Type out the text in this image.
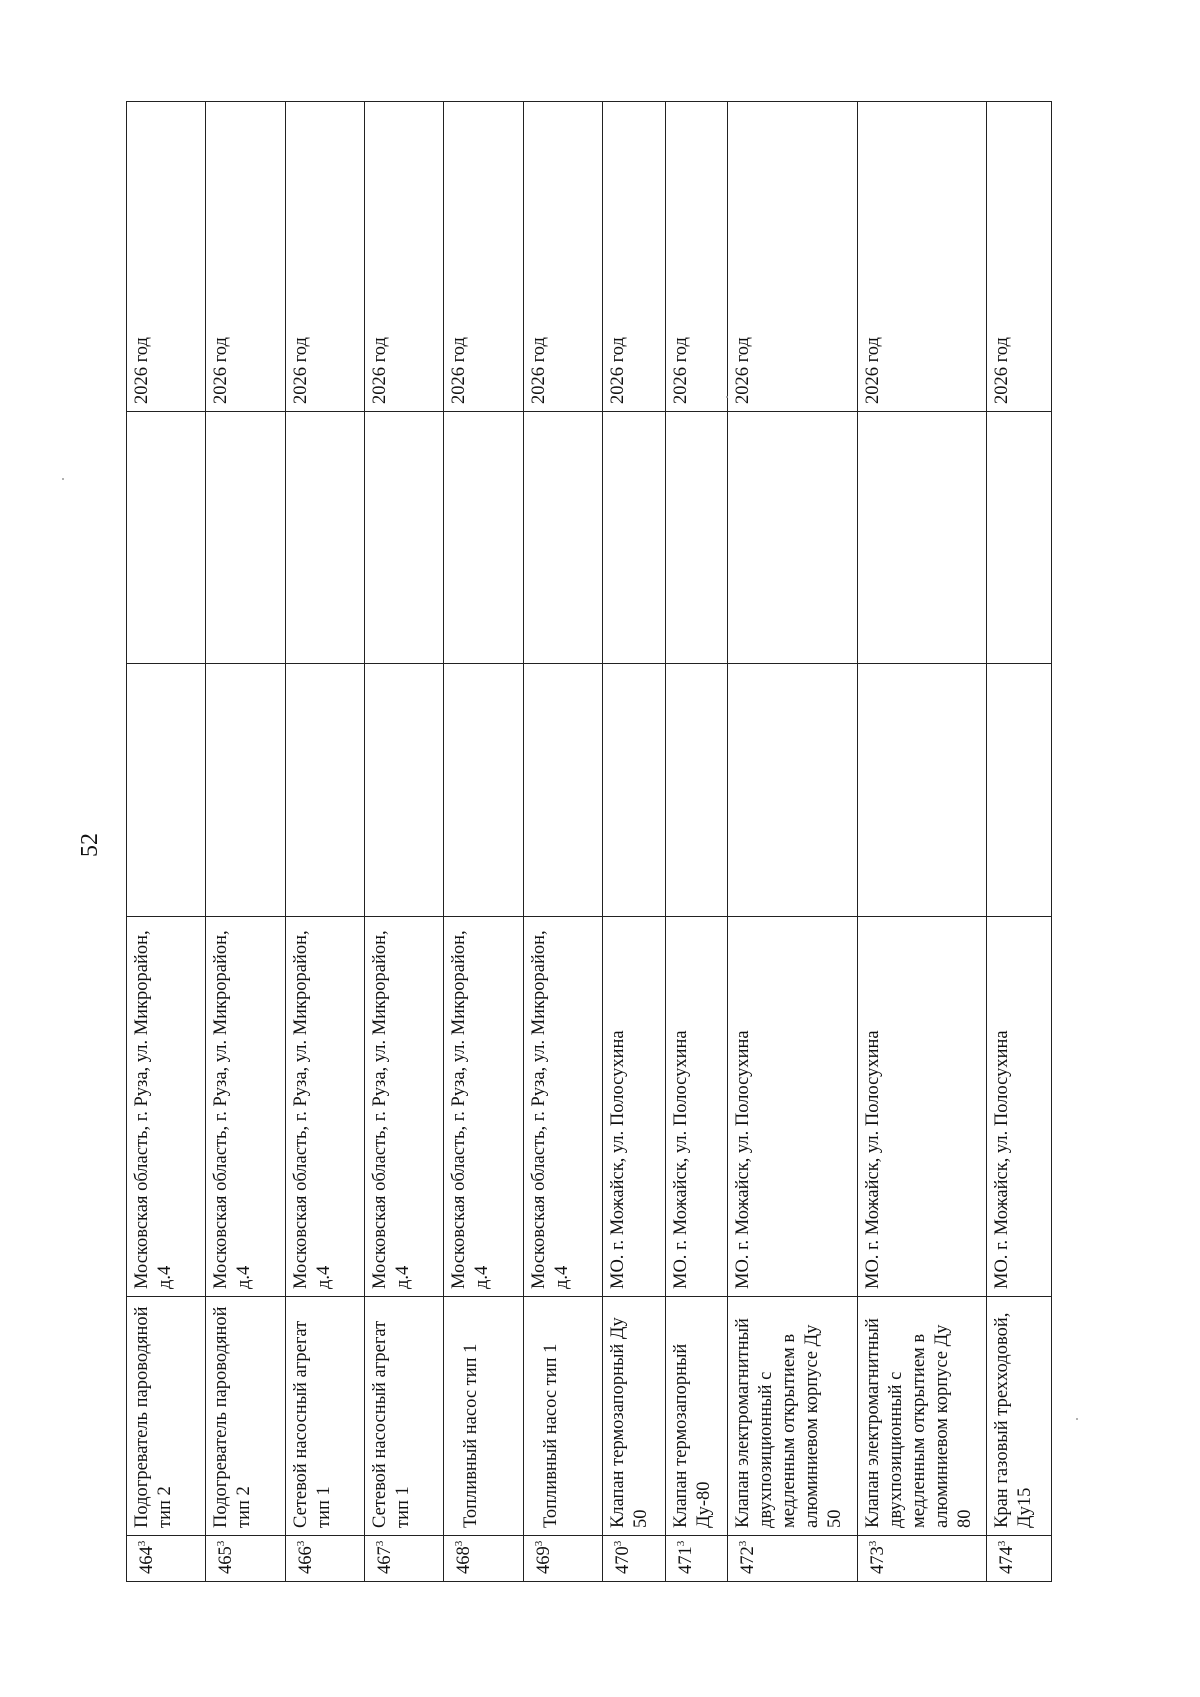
52
$464^3$	Подогреватель пароводяной тип 2	Московская область, г. Руза, ул. Микрорайон, д.4			2026 год
$465^3$	Подогреватель пароводяной тип 2	Московская область, г. Руза, ул. Микрорайон, д.4			2026 год
$466^3$	Сетевой насосный агрегат тип 1	Московская область, г. Руза, ул. Микрорайон, д.4			2026 год
$467^3$	Сетевой насосный агрегат тип 1	Московская область, г. Руза, ул. Микрорайон, д.4			2026 год
$468^3$	Топливный насос тип 1	Московская область, г. Руза, ул. Микрорайон, д.4			2026 год
$469^3$	Топливный насос тип 1	Московская область, г. Руза, ул. Микрорайон, д.4			2026 год
$470^3$	Клапан термозапорный Ду 50	МО. г. Можайск, ул. Полосухина			2026 год
$471^3$	Клапан термозапорный Ду-80	МО. г. Можайск, ул. Полосухина			2026 год
$472^3$	Клапан электромагнитный двухпозиционный с медленным открытием в алюминиевом корпусе Ду 50	МО. г. Можайск, ул. Полосухина			2026 год
$473^3$	Клапан электромагнитный двухпозиционный с медленным открытием в алюминиевом корпусе Ду 80	МО. г. Можайск, ул. Полосухина			2026 год
$474^3$	Кран газовый трехходовой, Ду15	МО. г. Можайск, ул. Полосухина			2026 год
